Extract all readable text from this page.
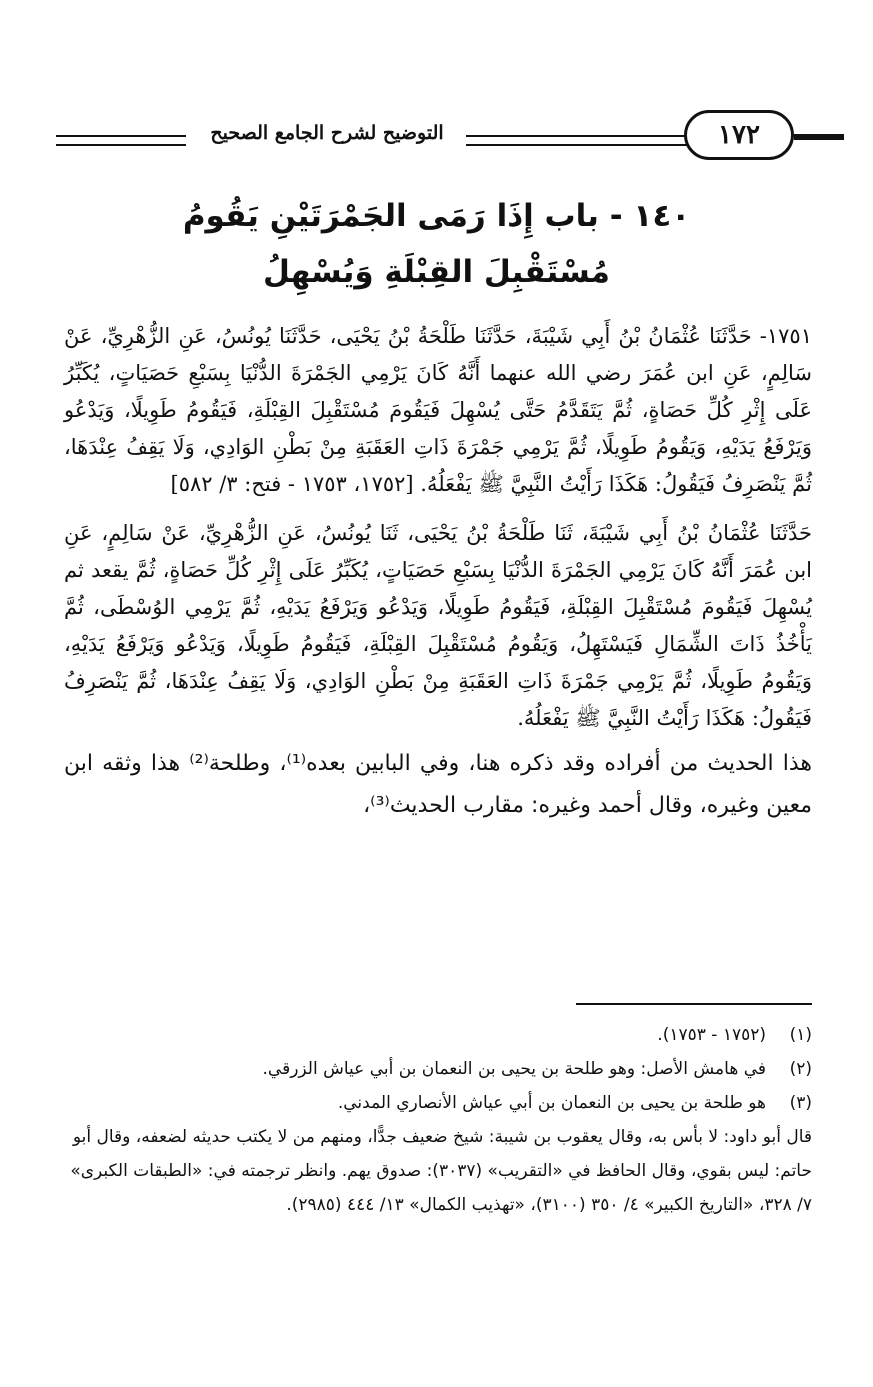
التوضيح لشرح الجامع الصحيح	١٧٢
١٤٠ - باب إِذَا رَمَى الجَمْرَتَيْنِ يَقُومُ
مُسْتَقْبِلَ القِبْلَةِ وَيُسْهِلُ

١٧٥١- حَدَّثَنَا عُثْمَانُ بْنُ أَبِي شَيْبَةَ، حَدَّثَنَا طَلْحَةُ بْنُ يَحْيَى، حَدَّثَنَا يُونُسُ، عَنِ الزُّهْرِيِّ، عَنْ سَالِمٍ، عَنِ ابن عُمَرَ رضي الله عنهما أَنَّهُ كَانَ يَرْمِي الجَمْرَةَ الدُّنْيَا بِسَبْعِ حَصَيَاتٍ، يُكَبِّرُ عَلَى إِثْرِ كُلِّ حَصَاةٍ، ثُمَّ يَتَقَدَّمُ حَتَّى يُسْهِلَ فَيَقُومَ مُسْتَقْبِلَ القِبْلَةِ، فَيَقُومُ طَوِيلًا، وَيَدْعُو وَيَرْفَعُ يَدَيْهِ، وَيَقُومُ طَوِيلًا، ثُمَّ يَرْمِي جَمْرَةَ ذَاتِ العَقَبَةِ مِنْ بَطْنِ الوَادِي، وَلَا يَقِفُ عِنْدَهَا، ثُمَّ يَنْصَرِفُ فَيَقُولُ: هَكَذَا رَأَيْتُ النَّبِيَّ ﷺ يَفْعَلُهُ. [١٧٥٢، ١٧٥٣ - فتح: ٣/ ٥٨٢]

حَدَّثَنَا عُثْمَانُ بْنُ أَبِي شَيْبَةَ، ثَنَا طَلْحَةُ بْنُ يَحْيَى، ثَنَا يُونُسُ، عَنِ الزُّهْرِيِّ، عَنْ سَالِمٍ، عَنِ ابن عُمَرَ أَنَّهُ كَانَ يَرْمِي الجَمْرَةَ الدُّنْيَا بِسَبْعِ حَصَيَاتٍ، يُكَبِّرُ عَلَى إِثْرِ كُلِّ حَصَاةٍ، ثُمَّ يقعد ثم يُسْهِلَ فَيَقُومَ مُسْتَقْبِلَ القِبْلَةِ، فَيَقُومُ طَوِيلًا، وَيَدْعُو وَيَرْفَعُ يَدَيْهِ، ثُمَّ يَرْمِي الوُسْطَى، ثُمَّ يَأْخُذُ ذَاتَ الشِّمَالِ فَيَسْتَهِلُ، وَيَقُومُ مُسْتَقْبِلَ القِبْلَةِ، فَيَقُومُ طَوِيلًا، وَيَدْعُو وَيَرْفَعُ يَدَيْهِ، وَيَقُومُ طَوِيلًا، ثُمَّ يَرْمِي جَمْرَةَ ذَاتِ العَقَبَةِ مِنْ بَطْنِ الوَادِي، وَلَا يَقِفُ عِنْدَهَا، ثُمَّ يَنْصَرِفُ فَيَقُولُ: هَكَذَا رَأَيْتُ النَّبِيَّ ﷺ يَفْعَلُهُ.

هذا الحديث من أفراده وقد ذكره هنا، وفي البابين بعده⁽¹⁾، وطلحة⁽²⁾ هذا وثقه ابن معين وغيره، وقال أحمد وغيره: مقارب الحديث⁽³⁾،

(١)
(١٧٥٢ - ١٧٥٣).
(٢)
في هامش الأصل: وهو طلحة بن يحيى بن النعمان بن أبي عياش الزرقي.
(٣)
هو طلحة بن يحيى بن النعمان بن أبي عياش الأنصاري المدني.
قال أبو داود: لا بأس به، وقال يعقوب بن شيبة: شيخ ضعيف جدًّا، ومنهم من لا يكتب حديثه لضعفه، وقال أبو حاتم: ليس بقوي، وقال الحافظ في «التقريب» (٣٠٣٧): صدوق يهم. وانظر ترجمته في: «الطبقات الكبرى» ٧/ ٣٢٨، «التاريخ الكبير» ٤/ ٣٥٠ (٣١٠٠)، «تهذيب الكمال» ١٣/ ٤٤٤ (٢٩٨٥).
